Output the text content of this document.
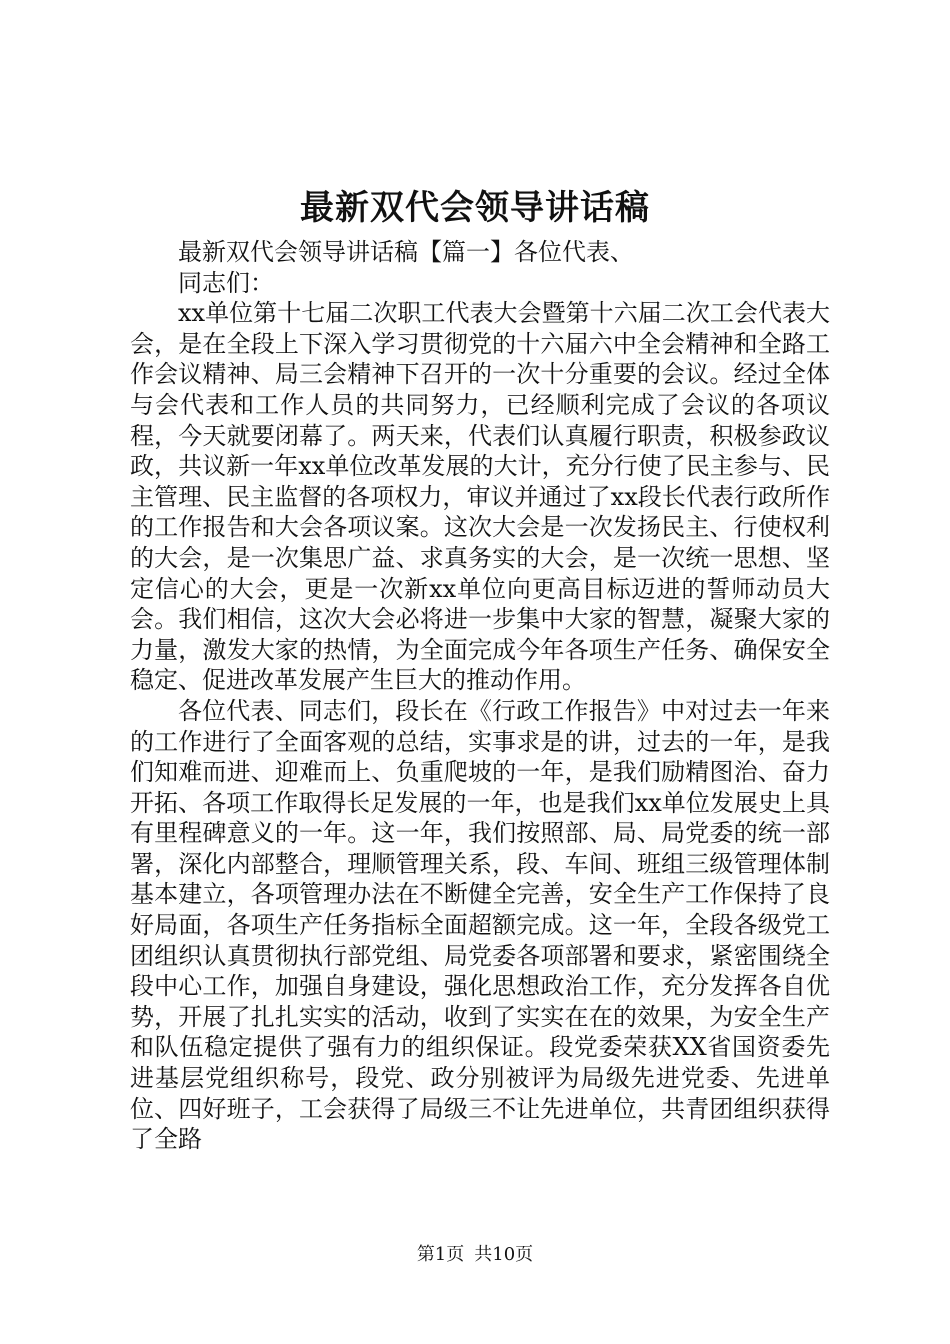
最新双代会领导讲话稿

最新双代会领导讲话稿【篇一】各位代表、

同志们：

xx单位第十七届二次职工代表大会暨第十六届二次工会代表大会，是在全段上下深入学习贯彻党的十六届六中全会精神和全路工作会议精神、局三会精神下召开的一次十分重要的会议。经过全体与会代表和工作人员的共同努力，已经顺利完成了会议的各项议程，今天就要闭幕了。两天来，代表们认真履行职责，积极参政议政，共议新一年xx单位改革发展的大计，充分行使了民主参与、民主管理、民主监督的各项权力，审议并通过了xx段长代表行政所作的工作报告和大会各项议案。这次大会是一次发扬民主、行使权利的大会，是一次集思广益、求真务实的大会，是一次统一思想、坚定信心的大会，更是一次新xx单位向更高目标迈进的誓师动员大会。我们相信，这次大会必将进一步集中大家的智慧，凝聚大家的力量，激发大家的热情，为全面完成今年各项生产任务、确保安全稳定、促进改革发展产生巨大的推动作用。

各位代表、同志们，段长在《行政工作报告》中对过去一年来的工作进行了全面客观的总结，实事求是的讲，过去的一年，是我们知难而进、迎难而上、负重爬坡的一年，是我们励精图治、奋力开拓、各项工作取得长足发展的一年，也是我们xx单位发展史上具有里程碑意义的一年。这一年，我们按照部、局、局党委的统一部署，深化内部整合，理顺管理关系，段、车间、班组三级管理体制基本建立，各项管理办法在不断健全完善，安全生产工作保持了良好局面，各项生产任务指标全面超额完成。这一年，全段各级党工团组织认真贯彻执行部党组、局党委各项部署和要求，紧密围绕全段中心工作，加强自身建设，强化思想政治工作，充分发挥各自优势，开展了扎扎实实的活动，收到了实实在在的效果，为安全生产和队伍稳定提供了强有力的组织保证。段党委荣获XX省国资委先进基层党组织称号，段党、政分别被评为局级先进党委、先进单位、四好班子，工会获得了局级三不让先进单位，共青团组织获得了全路

第1页 共10页
